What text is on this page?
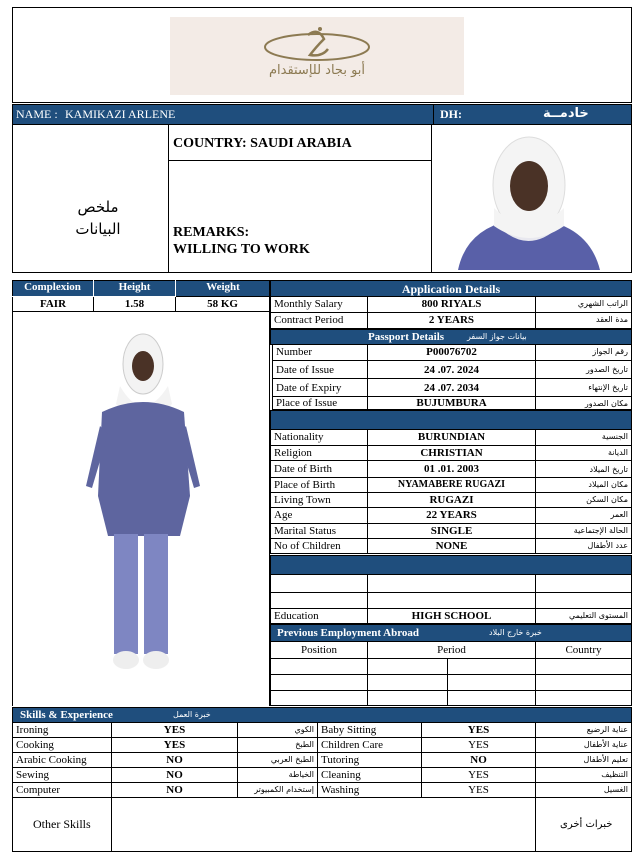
أبو بجاد للإستقدام
NAME : KAMIKAZI ARLENE	DH:	خادمــة
ملخص
البيانات
COUNTRY: SAUDI ARABIA
REMARKS:
WILLING TO WORK
Complexion	Height	Weight
FAIR	1.58	58 KG
Application Details
Monthly Salary	800 RIYALS	الراتب الشهري
Contract Period	2 YEARS	مدة العقد
Passport Details	بيانات جواز السفر
Number	P00076702	رقم الجواز
Date of Issue	24 .07. 2024	تاريخ الصدور
Date of Expiry	24 .07. 2034	تاريخ الإنتهاء
Place of Issue	BUJUMBURA	مكان الصدور
Nationality	BURUNDIAN	الجنسية
Religion	CHRISTIAN	الديانة
Date of Birth	01 .01. 2003	تاريخ الميلاد
Place of Birth	NYAMABERE RUGAZI	مكان الميلاد
Living Town	RUGAZI	مكان السكن
Age	22 YEARS	العمر
Marital Status	SINGLE	الحالة الإجتماعية
No of Children	NONE	عدد الأطفال
Education	HIGH SCHOOL	المستوى التعليمي
Previous Employment Abroad	خبرة خارج البلاد
Position	Period	Country
Skills & Experience	خبرة العمل
Ironing	YES	الكوي Baby Sitting	YES	عناية الرضيع
Cooking	YES	الطبخ Children Care	YES	عناية الأطفال
Arabic Cooking	NO	الطبخ العربي Tutoring	NO	تعليم الأطفال
Sewing	NO	الخياطة Cleaning	YES	التنظيف
Computer	NO	إستخدام الكمبيوتر Washing	YES	الغسيل
Other Skills	خبرات أخرى
